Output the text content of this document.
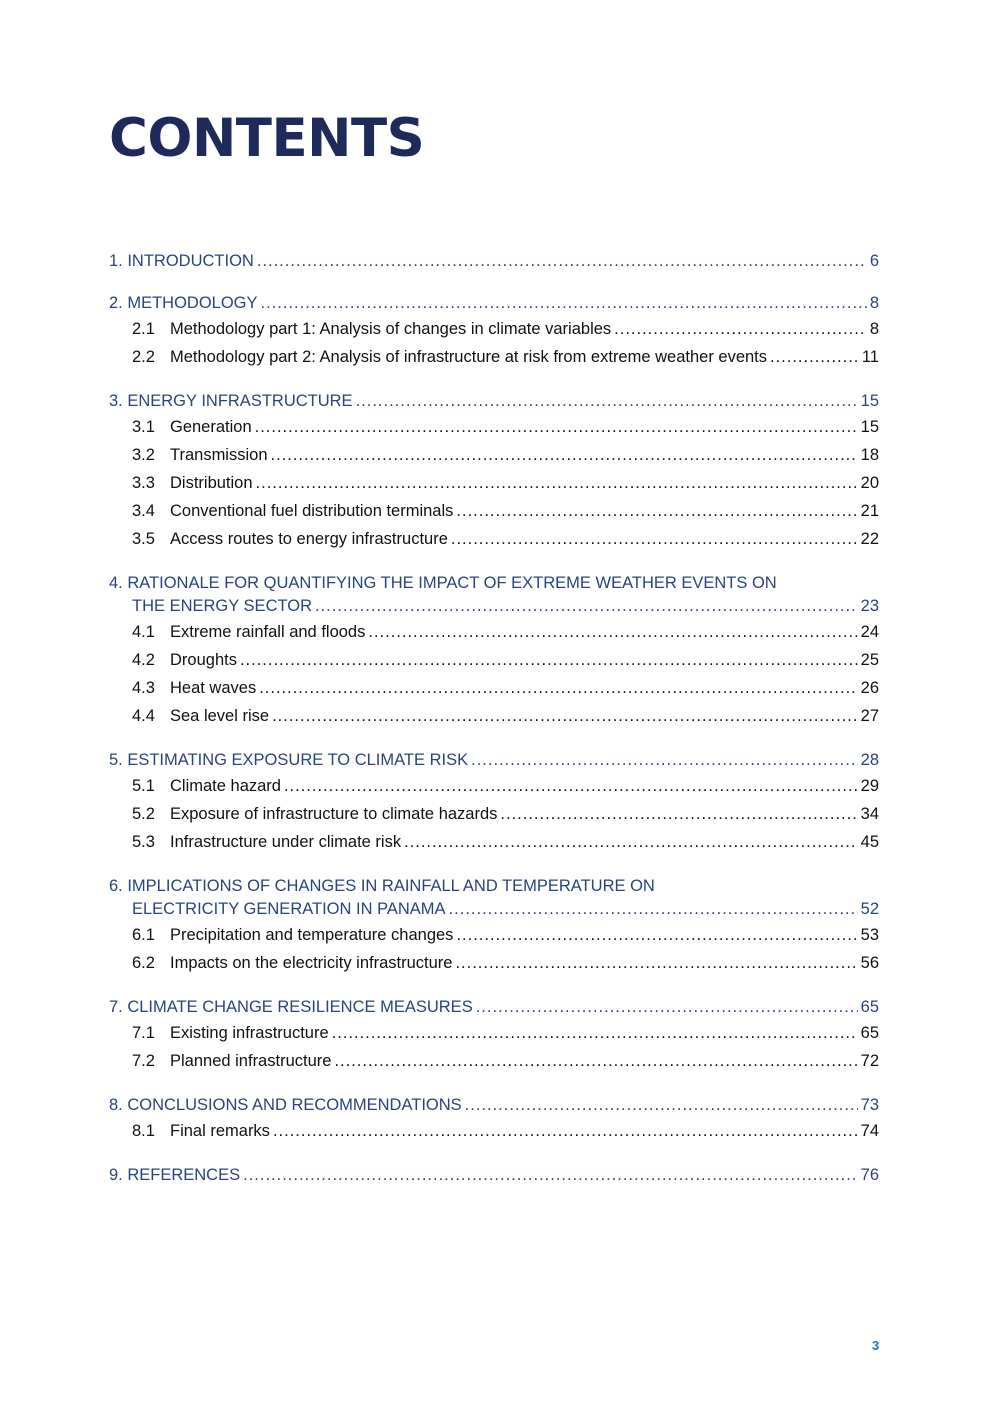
CONTENTS
1. INTRODUCTION .....	6
2. METHODOLOGY .....	8
2.1 Methodology part 1: Analysis of changes in climate variables .....	8
2.2 Methodology part 2: Analysis of infrastructure at risk from extreme weather events .....	11
3. ENERGY INFRASTRUCTURE .....	15
3.1 Generation .....	15
3.2 Transmission .....	18
3.3 Distribution .....	20
3.4 Conventional fuel distribution terminals .....	21
3.5 Access routes to energy infrastructure .....	22
4. RATIONALE FOR QUANTIFYING THE IMPACT OF EXTREME WEATHER EVENTS ON
THE ENERGY SECTOR .....	23
4.1 Extreme rainfall and floods .....	24
4.2 Droughts .....	25
4.3 Heat waves .....	26
4.4 Sea level rise .....	27
5. ESTIMATING EXPOSURE TO CLIMATE RISK .....	28
5.1 Climate hazard .....	29
5.2 Exposure of infrastructure to climate hazards .....	34
5.3 Infrastructure under climate risk .....	45
6. IMPLICATIONS OF CHANGES IN RAINFALL AND TEMPERATURE ON
ELECTRICITY GENERATION IN PANAMA .....	52
6.1 Precipitation and temperature changes .....	53
6.2 Impacts on the electricity infrastructure .....	56
7. CLIMATE CHANGE RESILIENCE MEASURES .....	65
7.1 Existing infrastructure .....	65
7.2 Planned infrastructure .....	72
8. CONCLUSIONS AND RECOMMENDATIONS .....	73
8.1 Final remarks .....	74
9. REFERENCES .....	76
3
